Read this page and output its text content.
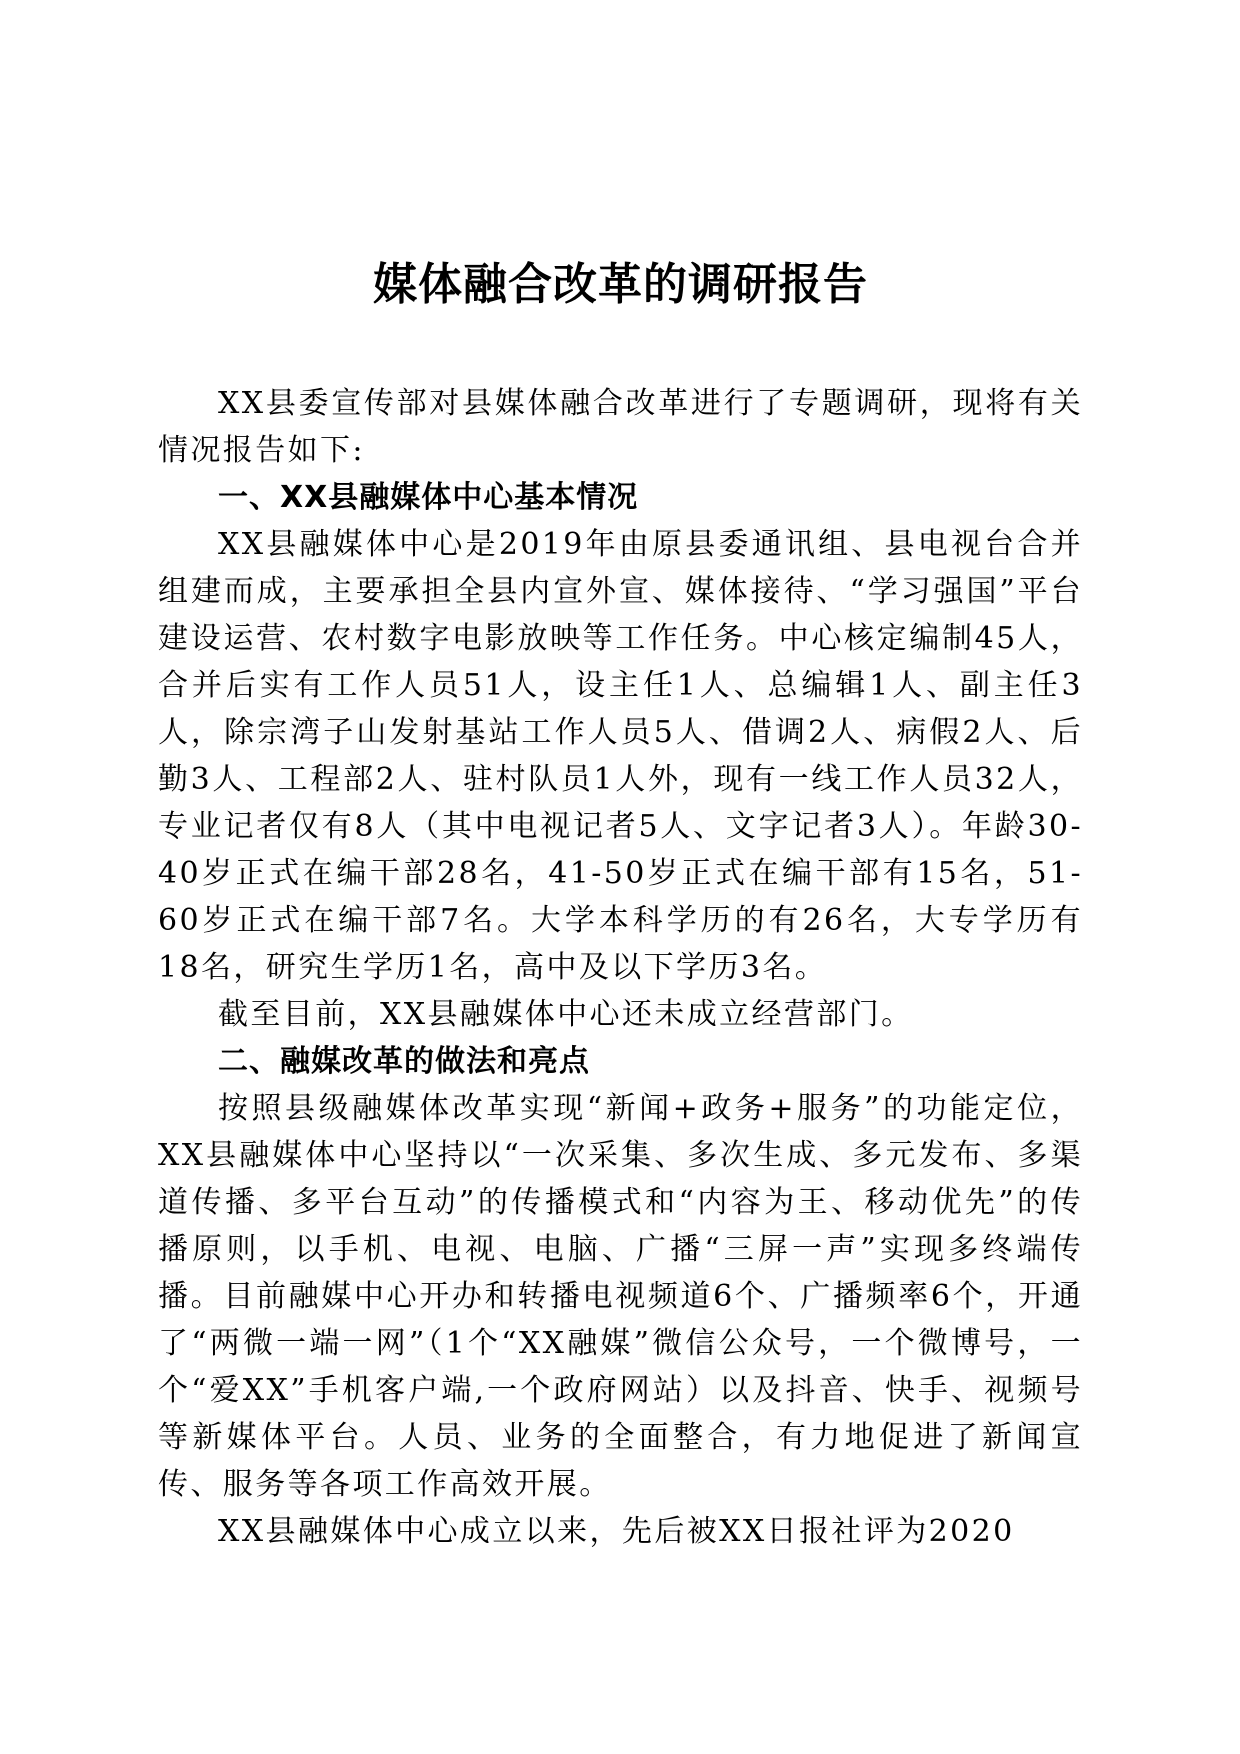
媒体融合改革的调研报告

XX县委宣传部对县媒体融合改革进行了专题调研，现将有关情况报告如下:

一、XX县融媒体中心基本情况

XX县融媒体中心是2019年由原县委通讯组、县电视台合并组建而成，主要承担全县内宣外宣、媒体接待、“学习强国”平台建设运营、农村数字电影放映等工作任务。中心核定编制45人，合并后实有工作人员51人，设主任1人、总编辑1人、副主任3人，除宗湾子山发射基站工作人员5人、借调2人、病假2人、后勤3人、工程部2人、驻村队员1人外，现有一线工作人员32人，专业记者仅有8人（其中电视记者5人、文字记者3人）。年龄30-40岁正式在编干部28名，41-50岁正式在编干部有15名，51-60岁正式在编干部7名。大学本科学历的有26名，大专学历有18名，研究生学历1名，高中及以下学历3名。

截至目前，XX县融媒体中心还未成立经营部门。

二、融媒改革的做法和亮点

按照县级融媒体改革实现“新闻+政务+服务”的功能定位，XX县融媒体中心坚持以“一次采集、多次生成、多元发布、多渠道传播、多平台互动”的传播模式和“内容为王、移动优先”的传播原则，以手机、电视、电脑、广播“三屏一声”实现多终端传播。目前融媒中心开办和转播电视频道6个、广播频率6个，开通了“两微一端一网”（1个“XX融媒”微信公众号，一个微博号，一个“爱XX”手机客户端,一个政府网站）以及抖音、快手、视频号等新媒体平台。人员、业务的全面整合，有力地促进了新闻宣传、服务等各项工作高效开展。

XX县融媒体中心成立以来，先后被XX日报社评为2020
